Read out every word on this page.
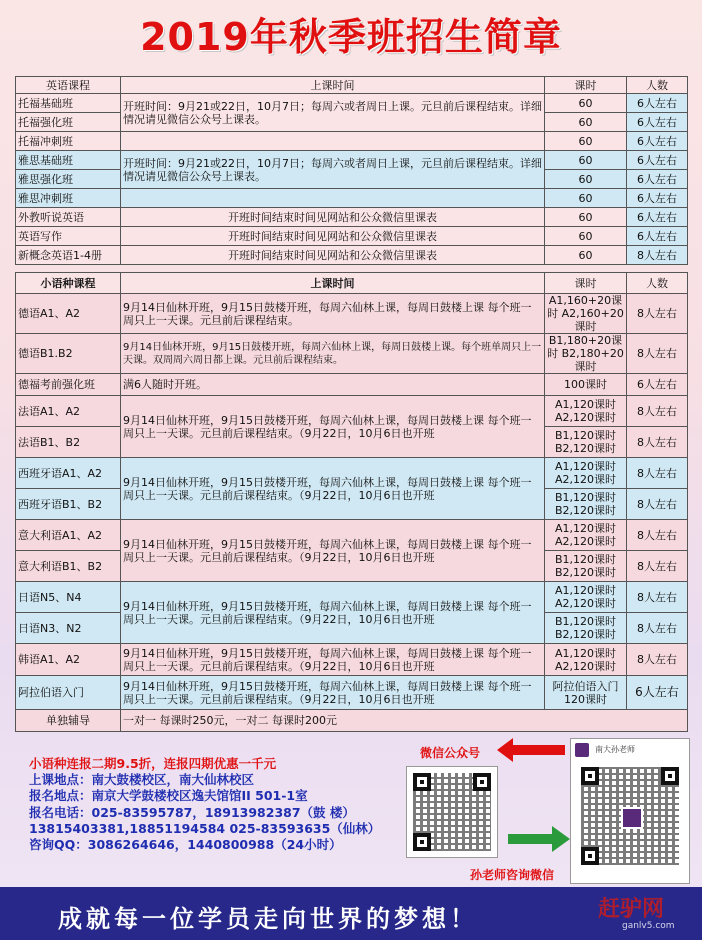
2019年秋季班招生简章
英语课程	上课时间	课时	人数
托福基础班	开班时间：9月21或22日，10月7日；每周六或者周日上课。元旦前后课程结束。详细情况请见微信公众号上课表。	60	6人左右
托福强化班		60	6人左右
托福冲刺班		60	6人左右
雅思基础班	开班时间：9月21或22日，10月7日；每周六或者周日上课，元旦前后课程结束。详细情况请见微信公众号上课表。	60	6人左右
雅思强化班		60	6人左右
雅思冲刺班		60	6人左右
外教听说英语	开班时间结束时间见网站和公众微信里课表	60	6人左右
英语写作	开班时间结束时间见网站和公众微信里课表	60	6人左右
新概念英语1-4册	开班时间结束时间见网站和公众微信里课表	60	8人左右
小语种课程	上课时间	课时	人数
德语A1、A2	9月14日仙林开班，9月15日鼓楼开班，每周六仙林上课，每周日鼓楼上课 每个班一周只上一天课。元旦前后课程结束。	A1,160+20课时 A2,160+20课时	8人左右
德语B1.B2	9月14日仙林开班，9月15日鼓楼开班，每周六仙林上课，每周日鼓楼上课。每个班单周只上一天课。双周周六周日都上课。元旦前后课程结束。	B1,180+20课时 B2,180+20课时	8人左右
德福考前强化班	满6人随时开班。	100课时	6人左右
法语A1、A2	9月14日仙林开班，9月15日鼓楼开班，每周六仙林上课，每周日鼓楼上课 每个班一周只上一天课。元旦前后课程结束。（9月22日，10月6日也开班	A1,120课时 A2,120课时	8人左右
法语B1、B2		B1,120课时 B2,120课时	8人左右
西班牙语A1、A2	9月14日仙林开班，9月15日鼓楼开班，每周六仙林上课，每周日鼓楼上课 每个班一周只上一天课。元旦前后课程结束。（9月22日，10月6日也开班	A1,120课时 A2,120课时	8人左右
西班牙语B1、B2		B1,120课时 B2,120课时	8人左右
意大利语A1、A2	9月14日仙林开班，9月15日鼓楼开班，每周六仙林上课，每周日鼓楼上课 每个班一周只上一天课。元旦前后课程结束。（9月22日，10月6日也开班	A1,120课时 A2,120课时	8人左右
意大利语B1、B2		B1,120课时 B2,120课时	8人左右
日语N5、N4	9月14日仙林开班，9月15日鼓楼开班，每周六仙林上课，每周日鼓楼上课 每个班一周只上一天课。元旦前后课程结束。（9月22日，10月6日也开班	A1,120课时 A2,120课时	8人左右
日语N3、N2		B1,120课时 B2,120课时	8人左右
韩语A1、A2	9月14日仙林开班，9月15日鼓楼开班，每周六仙林上课，每周日鼓楼上课 每个班一周只上一天课。元旦前后课程结束。（9月22日，10月6日也开班	A1,120课时 A2,120课时	8人左右
阿拉伯语入门	9月14日仙林开班，9月15日鼓楼开班，每周六仙林上课，每周日鼓楼上课 每个班一周只上一天课。元旦前后课程结束。（9月22日，10月6日也开班	阿拉伯语入门 120课时	6人左右
单独辅导	一对一 每课时250元，一对二 每课时200元		
小语种连报二期9.5折，连报四期优惠一千元
上课地点：南大鼓楼校区，南大仙林校区
报名地点：南京大学鼓楼校区逸夫馆馆II 501-1室
报名电话：025-83595787，18913982387（鼓 楼）
13815403381,18851194584 025-83593635（仙林）
咨询QQ：3086264646，1440800988（24小时）
微信公众号
孙老师咨询微信
南大孙老师
成就每一位学员走向世界的梦想！	赶驴网
ganlv5.com
